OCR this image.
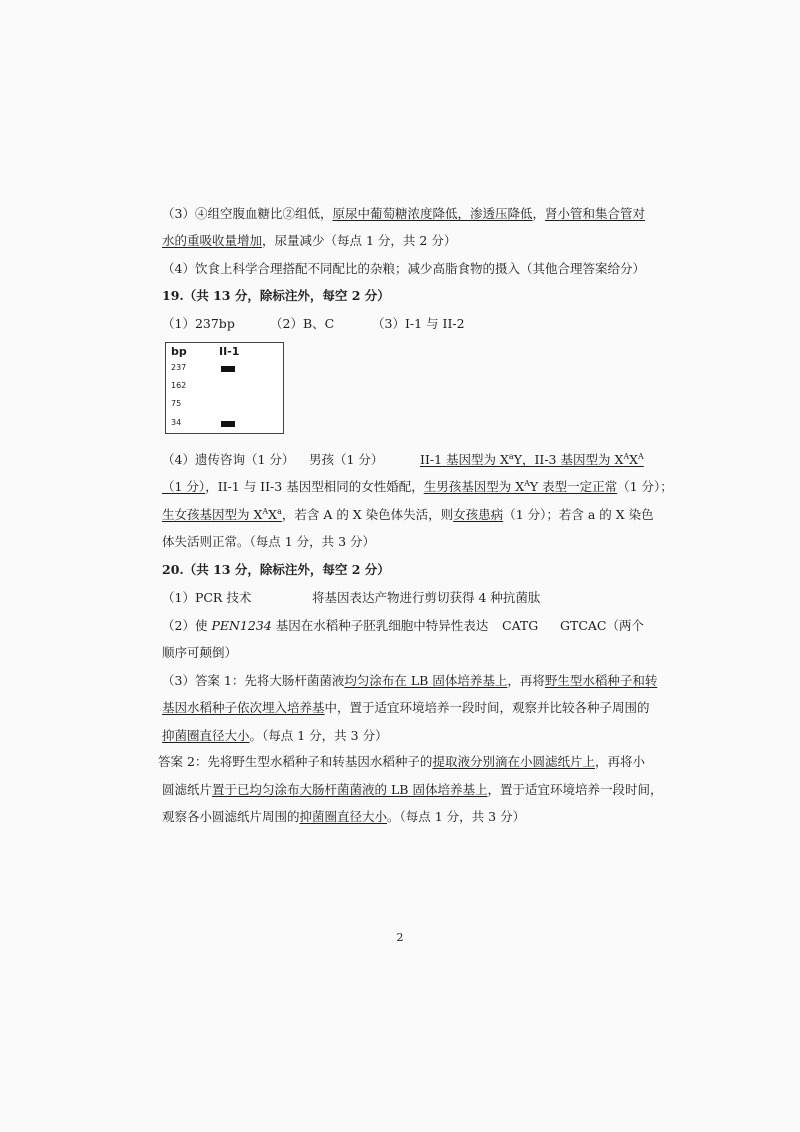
（3）④组空腹血糖比②组低，原尿中葡萄糖浓度降低，渗透压降低，肾小管和集合管对
水的重吸收量增加，尿量减少（每点 1 分，共 2 分）
（4）饮食上科学合理搭配不同配比的杂粮；减少高脂食物的摄入（其他合理答案给分）
19.（共 13 分，除标注外，每空 2 分）
（1）237bp	（2）B、C	（3）I-1 与 II-2
bp	II-1
237
162
75
34
（4）遗传咨询（1 分） 男孩（1 分）	II-1 基因型为 $X^aY$，II-3 基因型为 $X^AX^A$
（1 分），II-1 与 II-3 基因型相同的女性婚配，生男孩基因型为 $X^AY$ 表型一定正常（1 分）；
生女孩基因型为 $X^AX^a$，若含 A 的 X 染色体失活，则女孩患病（1 分）；若含 a 的 X 染色
体失活则正常。（每点 1 分，共 3 分）
20.（共 13 分，除标注外，每空 2 分）
（1）PCR 技术	将基因表达产物进行剪切获得 4 种抗菌肽
（2）使 PEN1234 基因在水稻种子胚乳细胞中特异性表达 CATG GTCAC（两个
顺序可颠倒）
（3）答案 1：先将大肠杆菌菌液均匀涂布在 LB 固体培养基上，再将野生型水稻种子和转
基因水稻种子依次埋入培养基中，置于适宜环境培养一段时间，观察并比较各种子周围的
抑菌圈直径大小。（每点 1 分，共 3 分）
答案 2：先将野生型水稻种子和转基因水稻种子的提取液分别滴在小圆滤纸片上，再将小
圆滤纸片置于已均匀涂布大肠杆菌菌液的 LB 固体培养基上，置于适宜环境培养一段时间，
观察各小圆滤纸片周围的抑菌圈直径大小。（每点 1 分，共 3 分）
2
